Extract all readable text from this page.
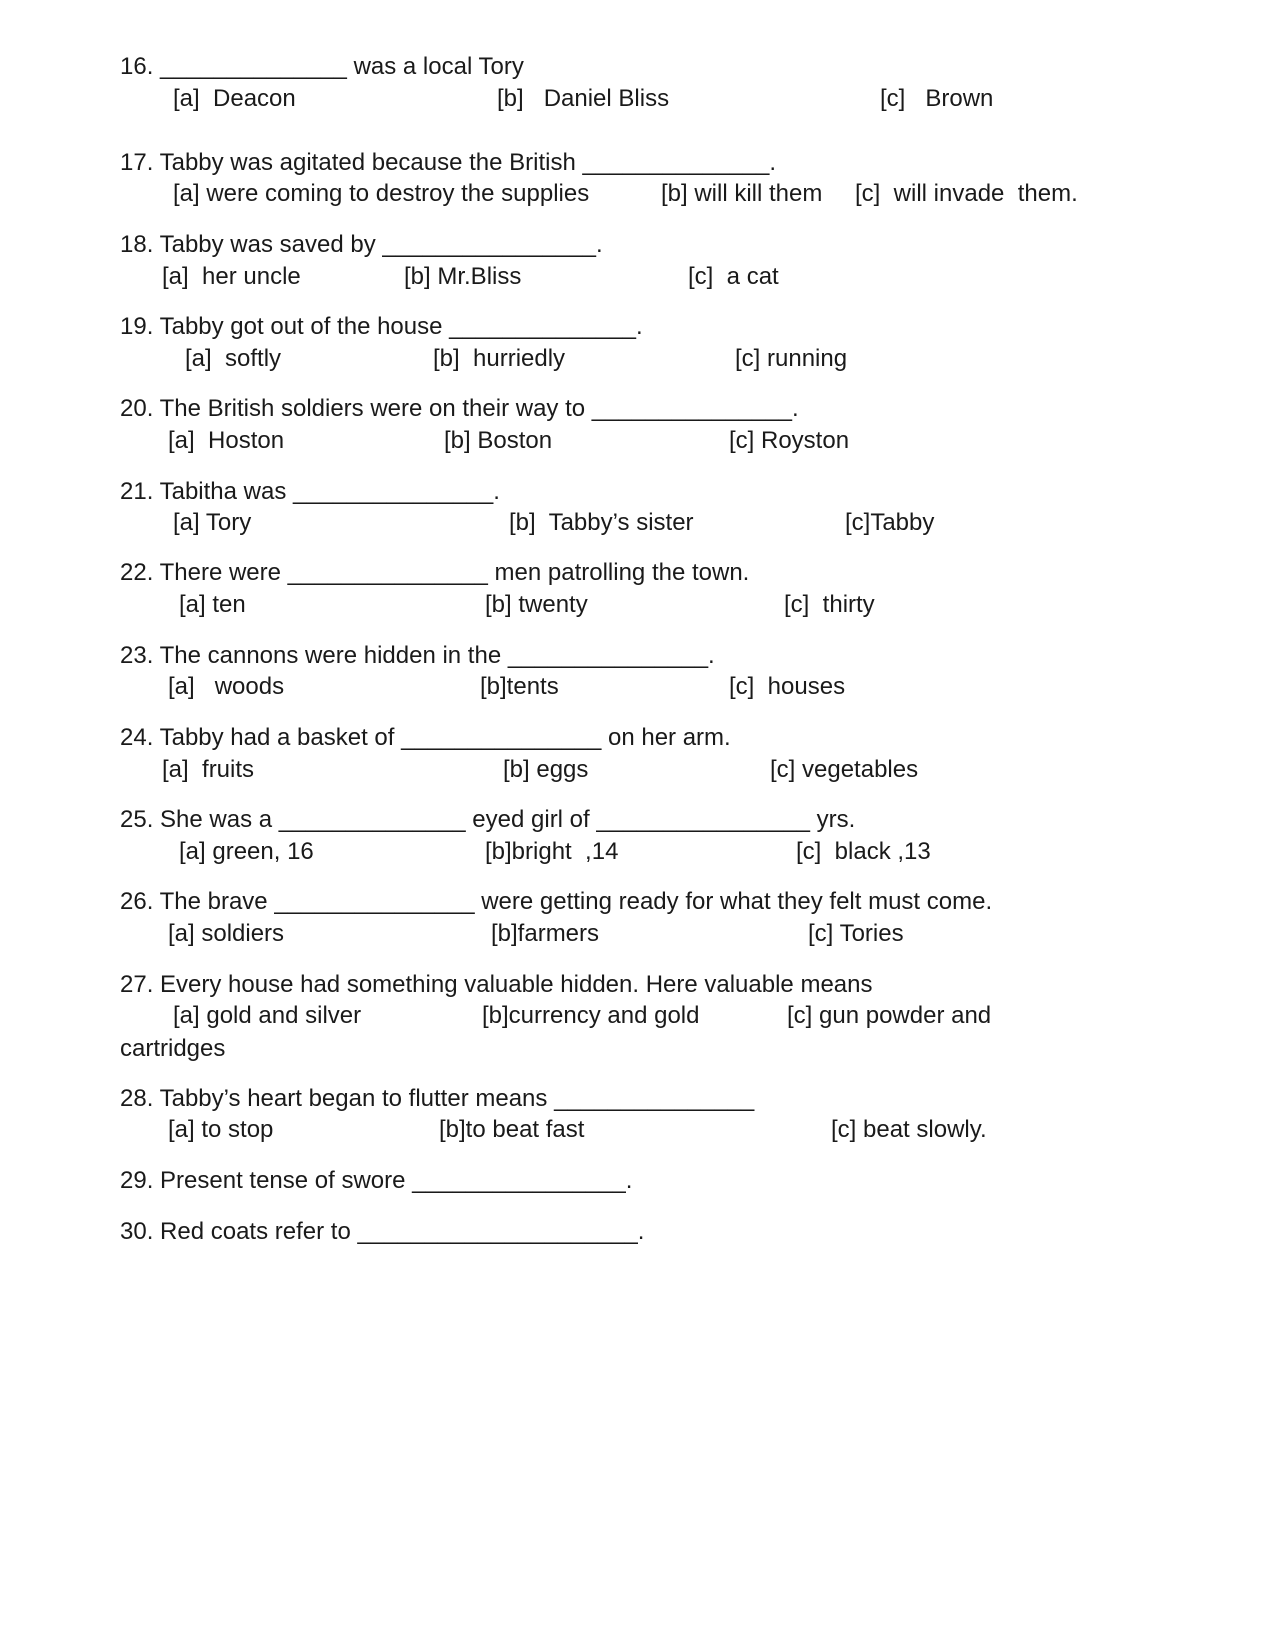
16. ______________ was a local Tory
[a]  Deacon	[b]   Daniel Bliss	[c]   Brown
17. Tabby was agitated because the British ______________.
[a] were coming to destroy the supplies	[b] will kill them [c]  will invade  them.
18. Tabby was saved by ________________.
[a]  her uncle	[b] Mr.Bliss	[c]  a cat
19. Tabby got out of the house ______________.
[a]  softly	[b]  hurriedly	[c] running
20. The British soldiers were on their way to _______________.
[a]  Hoston	[b] Boston	[c] Royston
21. Tabitha was _______________.
[a] Tory	[b]  Tabby’s sister	[c]Tabby
22. There were _______________ men patrolling the town.
[a] ten	[b] twenty	[c]  thirty
23. The cannons were hidden in the _______________.
[a]   woods	[b]tents	[c]  houses
24. Tabby had a basket of _______________ on her arm.
[a]  fruits	[b] eggs	[c] vegetables
25. She was a ______________ eyed girl of ________________ yrs.
[a] green, 16	[b]bright  ,14	[c]  black ,13
26. The brave _______________ were getting ready for what they felt must come.
[a] soldiers	[b]farmers	[c] Tories
27. Every house had something valuable hidden. Here valuable means
[a] gold and silver	[b]currency and gold	[c] gun powder and
cartridges
28. Tabby’s heart began to flutter means _______________
[a] to stop	[b]to beat fast	[c] beat slowly.
29. Present tense of swore ________________.
30. Red coats refer to _____________________.
